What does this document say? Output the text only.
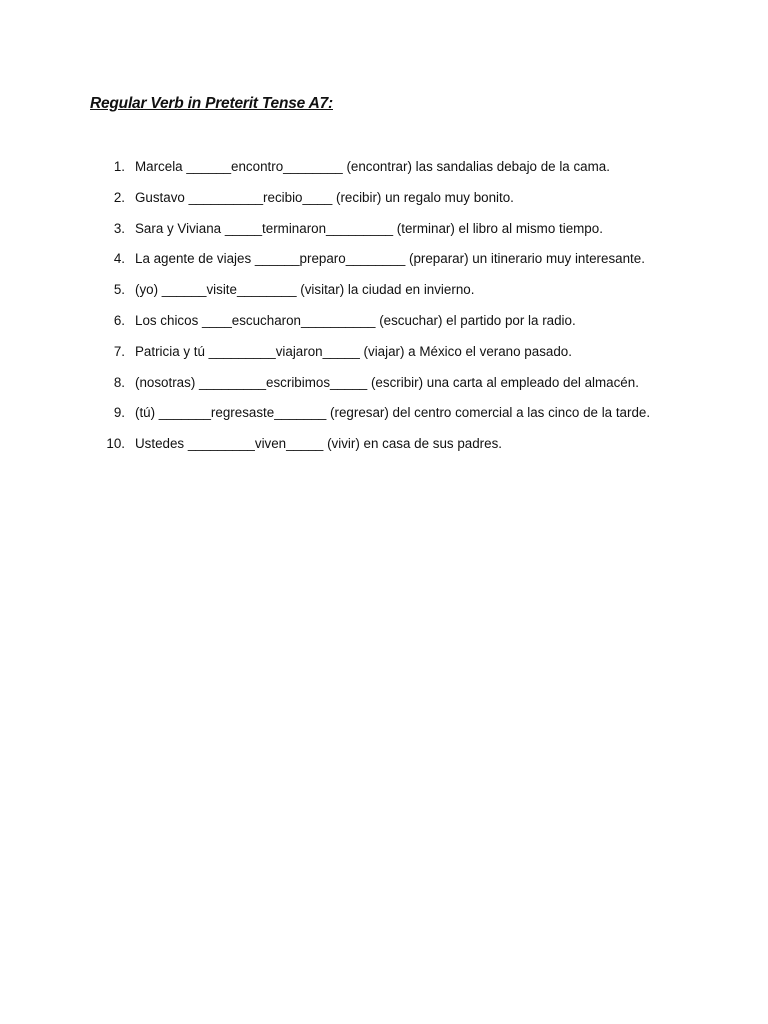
Regular Verb in Preterit Tense A7:
1. Marcela ______encontro________ (encontrar) las sandalias debajo de la cama.
2. Gustavo __________recibio____ (recibir) un regalo muy bonito.
3. Sara y Viviana _____terminaron_________ (terminar) el libro al mismo tiempo.
4. La agente de viajes ______preparo________ (preparar) un itinerario muy interesante.
5. (yo) ______visite________ (visitar) la ciudad en invierno.
6. Los chicos ____escucharon__________ (escuchar) el partido por la radio.
7. Patricia y tú _________viajaron_____ (viajar) a México el verano pasado.
8. (nosotras) _________escribimos_____ (escribir) una carta al empleado del almacén.
9. (tú) _______regresaste_______ (regresar) del centro comercial a las cinco de la tarde.
10. Ustedes _________viven_____ (vivir) en casa de sus padres.
